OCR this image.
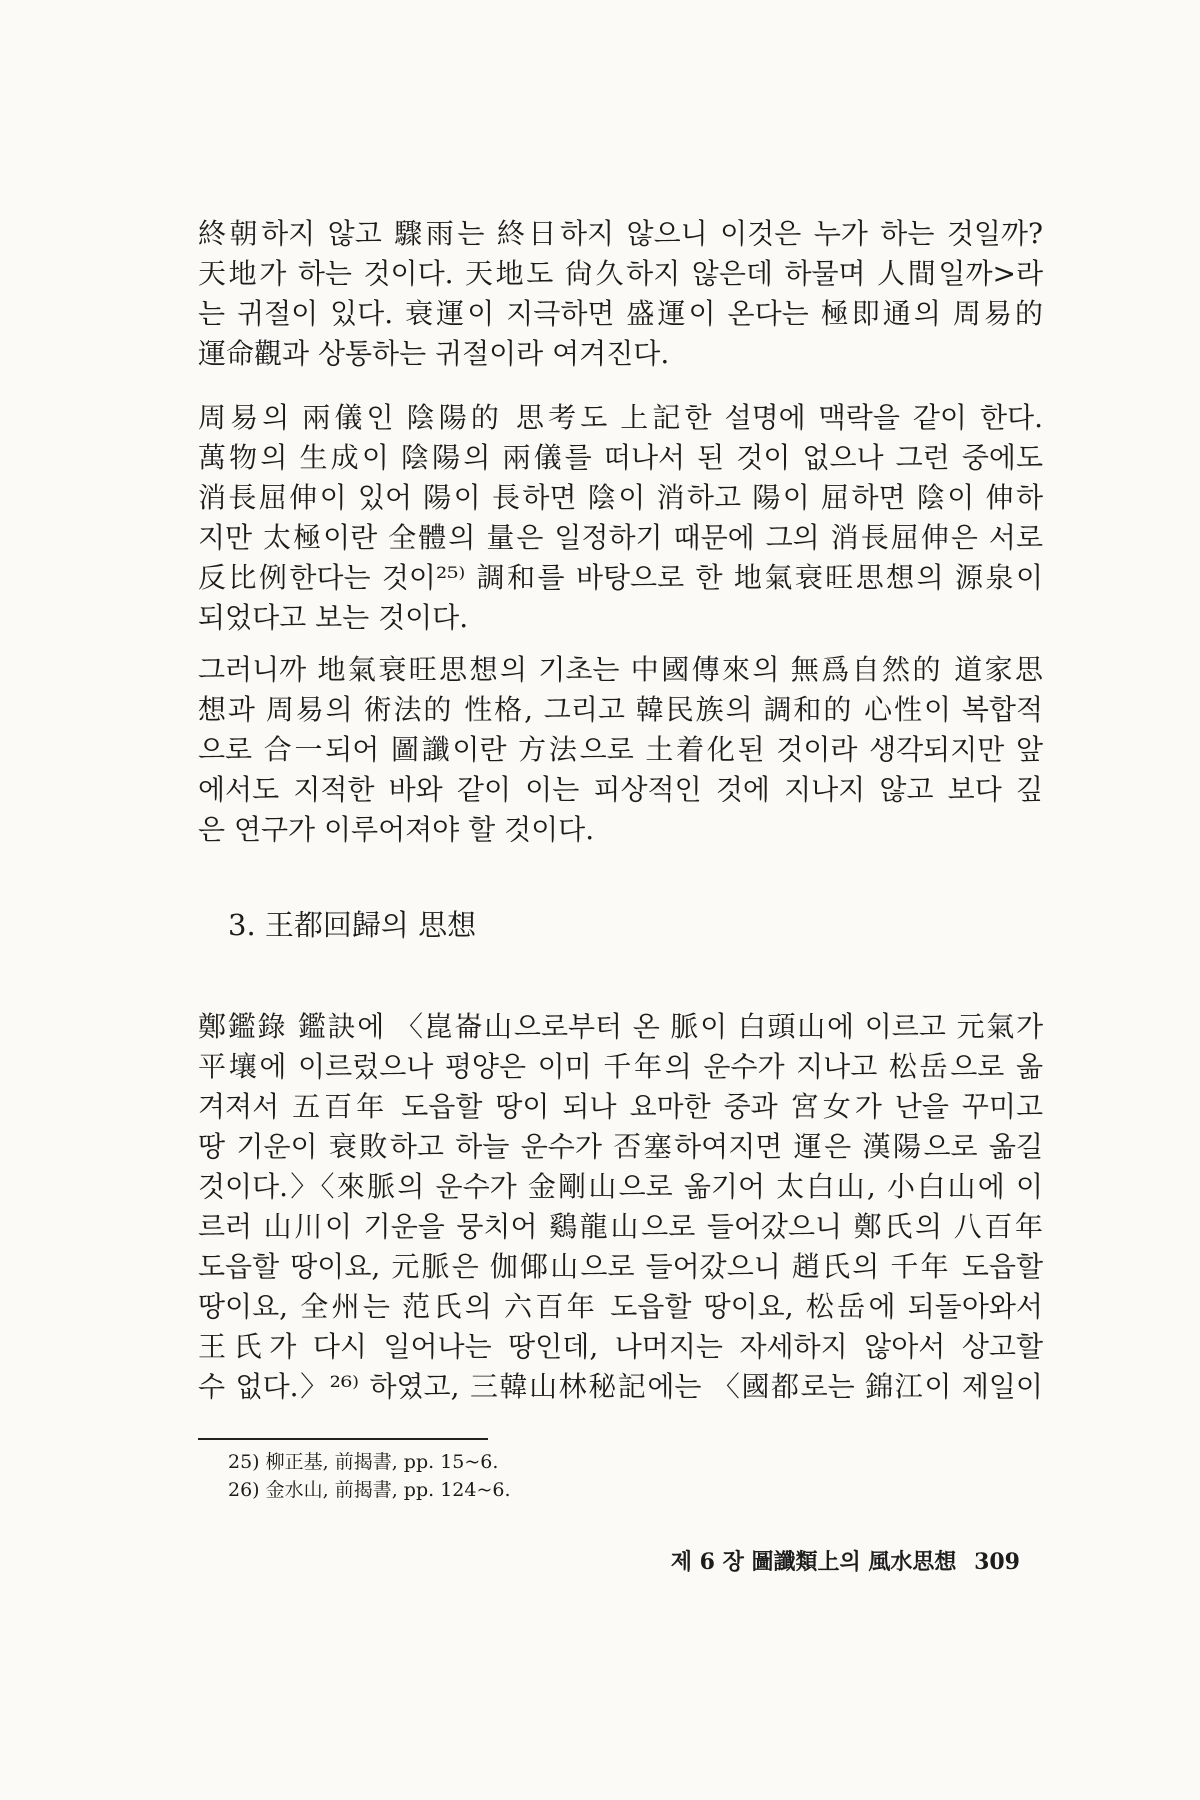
終朝하지 않고 驟雨는 終日하지 않으니 이것은 누가 하는 것일까?
天地가 하는 것이다. 天地도 尙久하지 않은데 하물며 人間일까>라
는 귀절이 있다. 衰運이 지극하면 盛運이 온다는 極即通의 周易的
運命觀과 상통하는 귀절이라 여겨진다.
周易의 兩儀인 陰陽的 思考도 上記한 설명에 맥락을 같이 한다.
萬物의 生成이 陰陽의 兩儀를 떠나서 된 것이 없으나 그런 중에도
消長屈伸이 있어 陽이 長하면 陰이 消하고 陽이 屈하면 陰이 伸하
지만 太極이란 全體의 量은 일정하기 때문에 그의 消長屈伸은 서로
反比例한다는 것이²⁵⁾ 調和를 바탕으로 한 地氣衰旺思想의 源泉이
되었다고 보는 것이다.
그러니까 地氣衰旺思想의 기초는 中國傳來의 無爲自然的 道家思
想과 周易의 術法的 性格, 그리고 韓民族의 調和的 心性이 복합적
으로 合一되어 圖讖이란 方法으로 土着化된 것이라 생각되지만 앞
에서도 지적한 바와 같이 이는 피상적인 것에 지나지 않고 보다 깊
은 연구가 이루어져야 할 것이다.
3. 王都回歸의 思想
鄭鑑錄 鑑訣에 〈崑崙山으로부터 온 脈이 白頭山에 이르고 元氣가
平壤에 이르렀으나 평양은 이미 千年의 운수가 지나고 松岳으로 옮
겨져서 五百年 도읍할 땅이 되나 요마한 중과 宮女가 난을 꾸미고
땅 기운이 衰敗하고 하늘 운수가 否塞하여지면 運은 漢陽으로 옮길
것이다.〉〈來脈의 운수가 金剛山으로 옮기어 太白山, 小白山에 이
르러 山川이 기운을 뭉치어 鷄龍山으로 들어갔으니 鄭氏의 八百年
도읍할 땅이요, 元脈은 伽倻山으로 들어갔으니 趙氏의 千年 도읍할
땅이요, 全州는 范氏의 六百年 도읍할 땅이요, 松岳에 되돌아와서
王氏가 다시 일어나는 땅인데, 나머지는 자세하지 않아서 상고할
수 없다.〉²⁶⁾ 하였고, 三韓山林秘記에는 〈國都로는 錦江이 제일이
25) 柳正基, 前揭書, pp. 15~6.
26) 金水山, 前揭書, pp. 124~6.
제 6 장 圖讖類上의 風水思想 309
